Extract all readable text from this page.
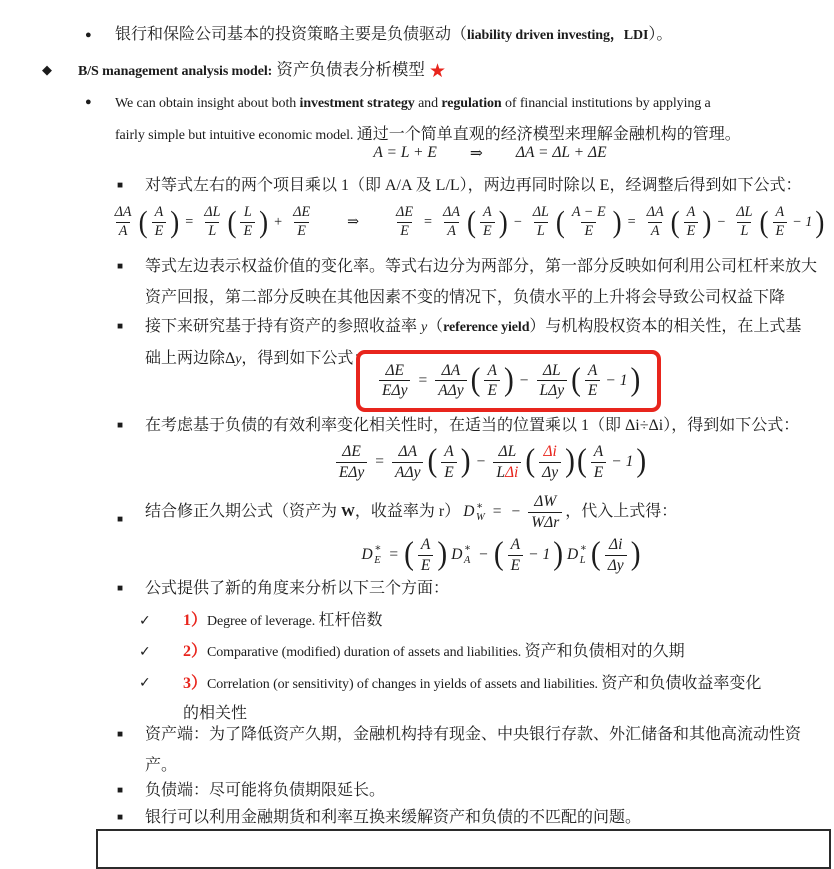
● 银行和保险公司基本的投资策略主要是负债驱动（liability driven investing，LDI）。
◆ B/S management analysis model: 资产负债表分析模型 ★
● We can obtain insight about both investment strategy and regulation of financial institutions by applying a
fairly simple but intuitive economic model. 通过一个简单直观的经济模型来理解金融机构的管理。
A = L + E ⇒ ΔA = ΔL + ΔE
■ 对等式左右的两个项目乘以 1（即 A/A 及 L/L），两边再同时除以 E，经调整后得到如下公式：
$\frac{\Delta A}{A}$ ( $\frac{A}{E}$ ) = $\frac{\Delta L}{L}$ ( $\frac{L}{E}$ ) + $\frac{\Delta E}{E}$ ⇒ $\frac{\Delta E}{E} = \frac{\Delta A}{A}$ ( $\frac{A}{E}$ ) − $\frac{\Delta L}{L}$ ( $\frac{A - E}{E}$ ) = $\frac{\Delta A}{A}$ ( $\frac{A}{E}$ ) − $\frac{\Delta L}{L}$ ( $\frac{A}{E} - 1$ )
■ 等式左边表示权益价值的变化率。等式右边分为两部分，第一部分反映如何利用公司杠杆来放大
资产回报，第二部分反映在其他因素不变的情况下，负债水平的上升将会导致公司权益下降
■ 接下来研究基于持有资产的参照收益率 y（reference yield）与机构股权资本的相关性，在上式基
础上两边除Δy，得到如下公式：
$\frac{\Delta E}{\text{EΔy}} = \frac{\Delta A}{\text{AΔy}}$ ( $\frac{A}{E}$ ) − $\frac{\Delta L}{\text{LΔy}}$ ( $\frac{A}{E} - 1$ )
■ 在考虑基于负债的有效利率变化相关性时，在适当的位置乘以 1（即 Δi÷Δi），得到如下公式：
$\frac{\Delta E}{\text{EΔy}} = \frac{\Delta A}{\text{AΔy}}$ ( $\frac{A}{E}$ ) − $\frac{\Delta L}{\text{LΔi}}$ ( $\frac{\Delta i}{\Delta y}$ ) ( $\frac{A}{E} - 1$ )
■ 结合修正久期公式（资产为 W，收益率为 r） D ∗
W = − $\frac{\Delta W}{\text{WΔr}}$ ，代入上式得：
D ∗
E = ( $\frac{A}{E}$ ) D ∗
A − ( $\frac{A}{E} - 1$ ) D ∗
L ( $\frac{\Delta i}{\Delta y}$ )
■ 公式提供了新的角度来分析以下三个方面：
✓ 1）Degree of leverage. 杠杆倍数
✓ 2）Comparative (modified) duration of assets and liabilities. 资产和负债相对的久期
✓ 3）Correlation (or sensitivity) of changes in yields of assets and liabilities. 资产和负债收益率变化
的相关性
■ 资产端：为了降低资产久期，金融机构持有现金、中央银行存款、外汇储备和其他高流动性资
产。
■ 负债端：尽可能将负债期限延长。
■ 银行可以利用金融期货和利率互换来缓解资产和负债的不匹配的问题。
